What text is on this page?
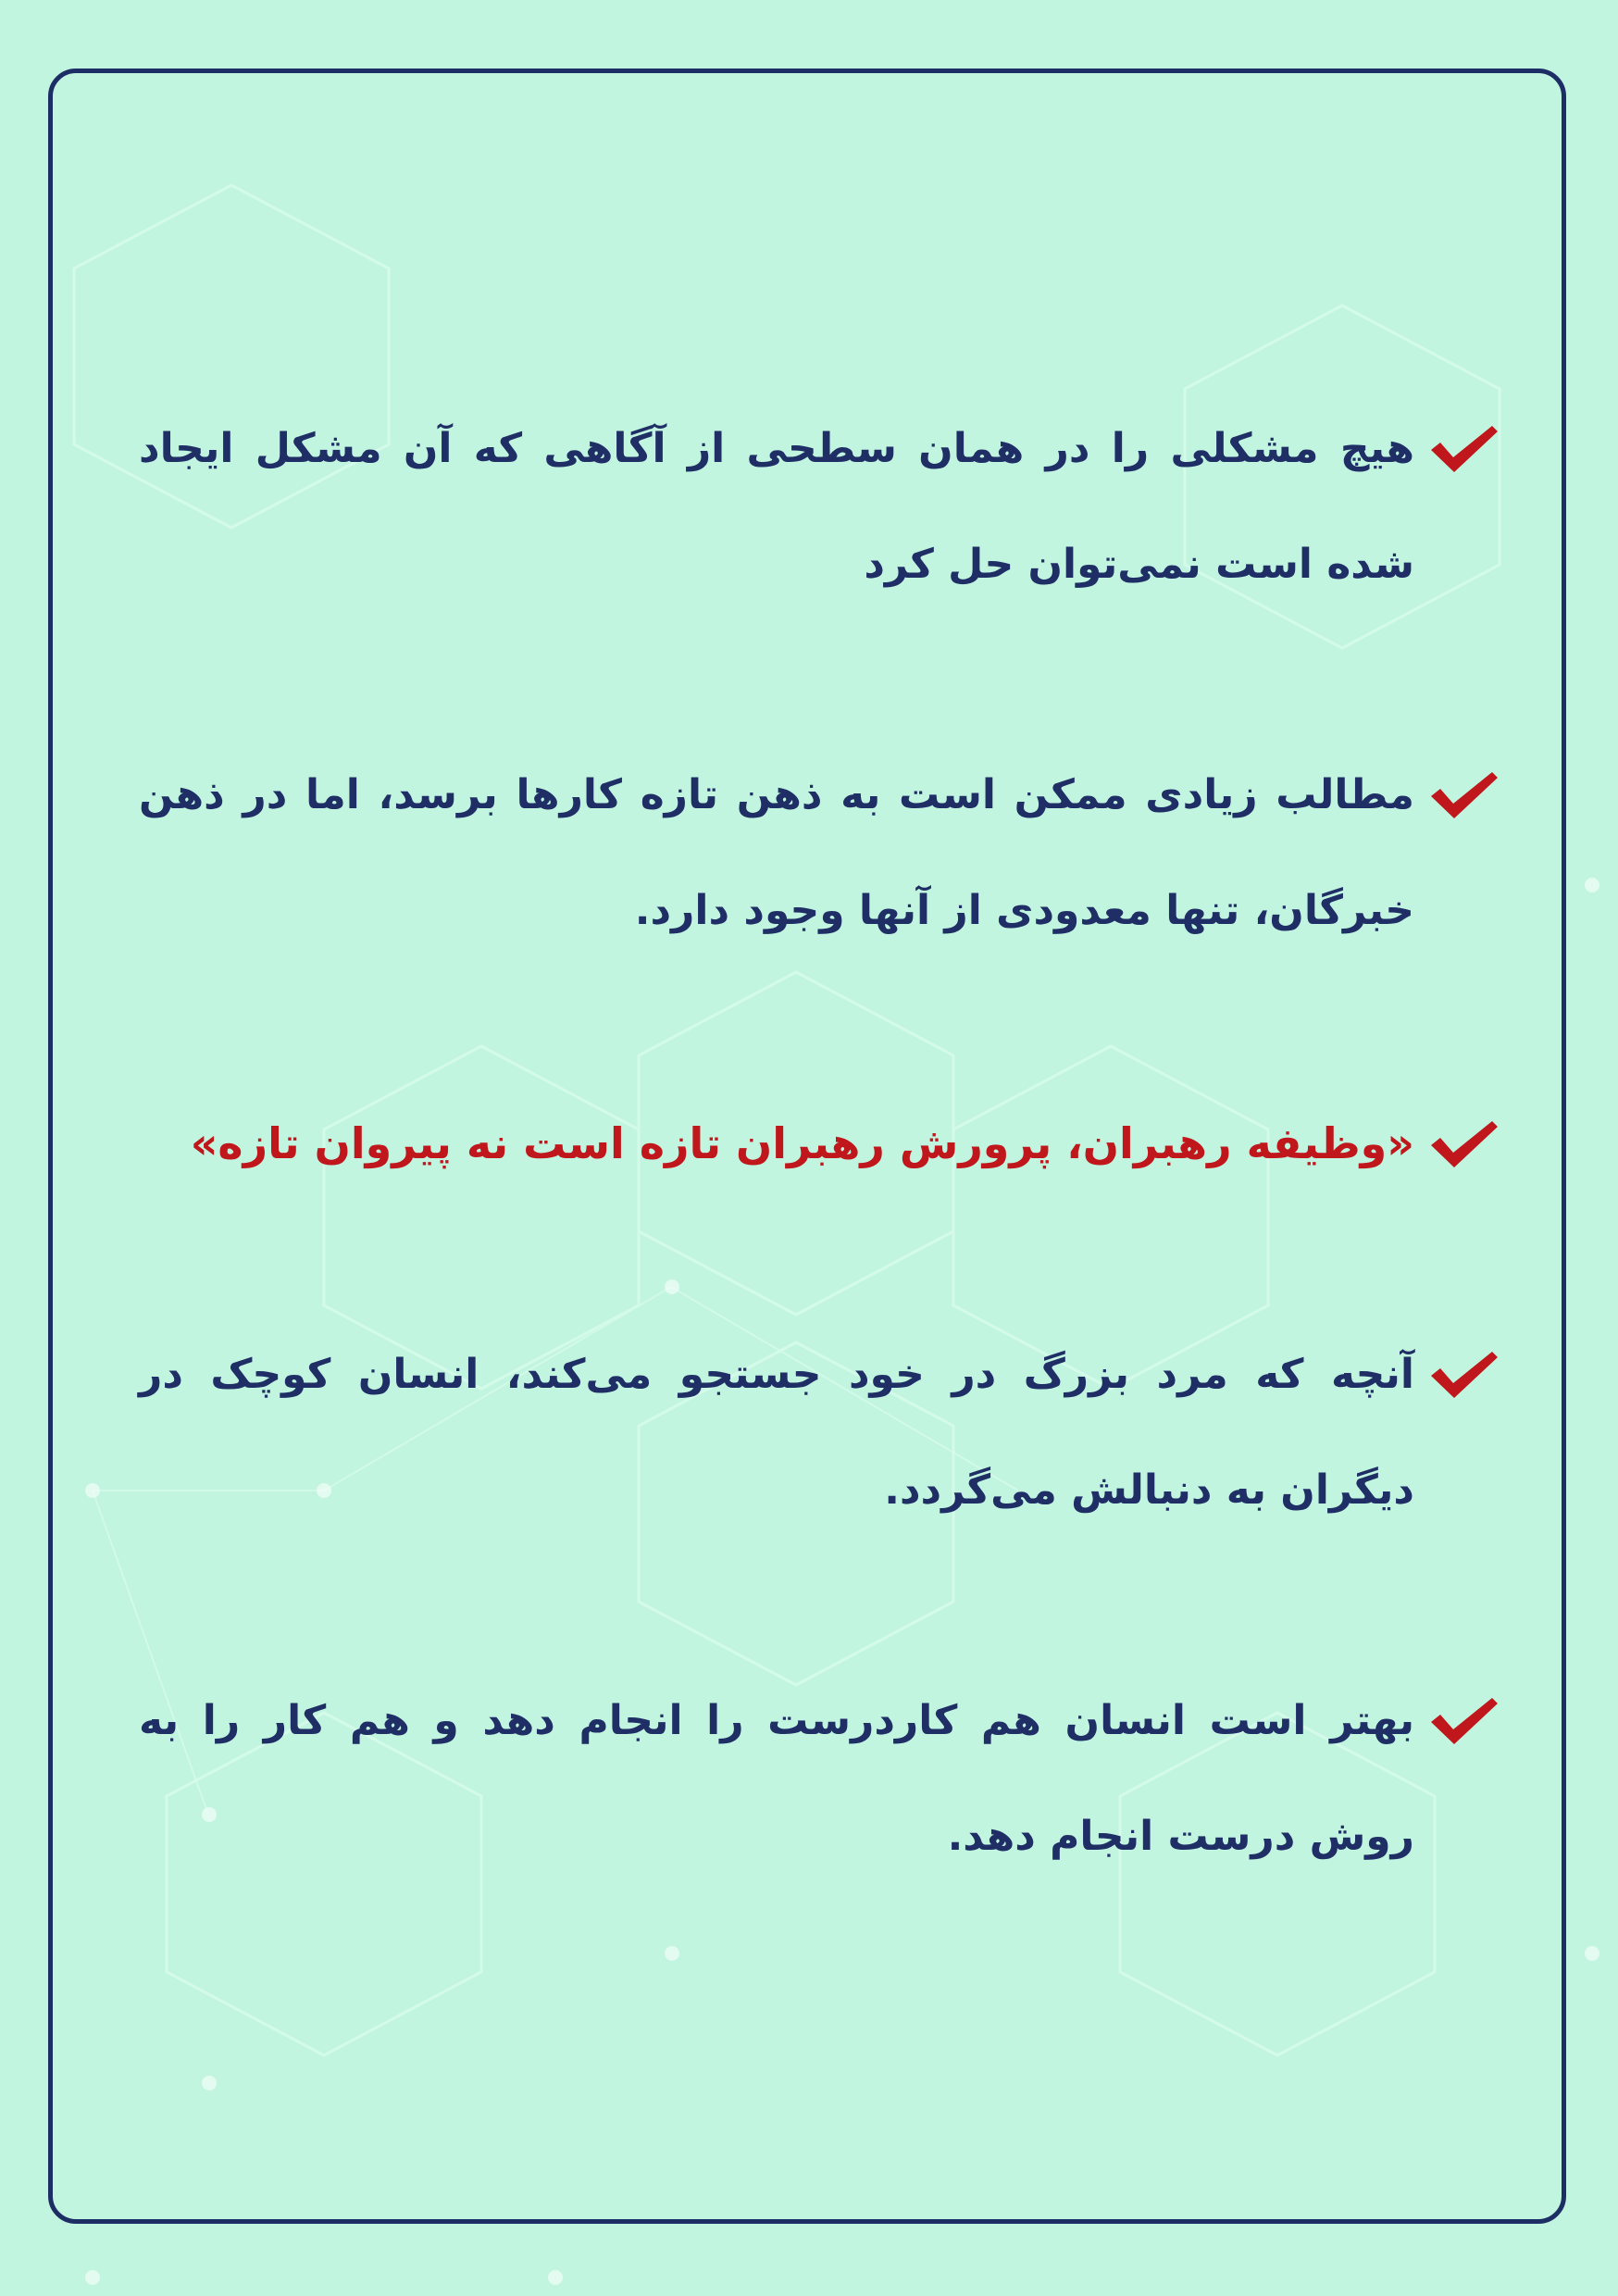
هیچ مشکلی را در همان سطحی از آگاهی که آن مشکل ایجاد شده است نمی‌توان حل کرد

مطالب زیادی ممکن است به ذهن تازه کارها برسد، اما در ذهن خبرگان، تنها معدودی از آنها وجود دارد.

«وظیفه رهبران، پرورش رهبران تازه است نه پیروان تازه»

آنچه که مرد بزرگ در خود جستجو می‌کند، انسان کوچک در دیگران به دنبالش می‌گردد.

بهتر است انسان هم کاردرست را انجام دهد و هم کار را به روش درست انجام دهد.
